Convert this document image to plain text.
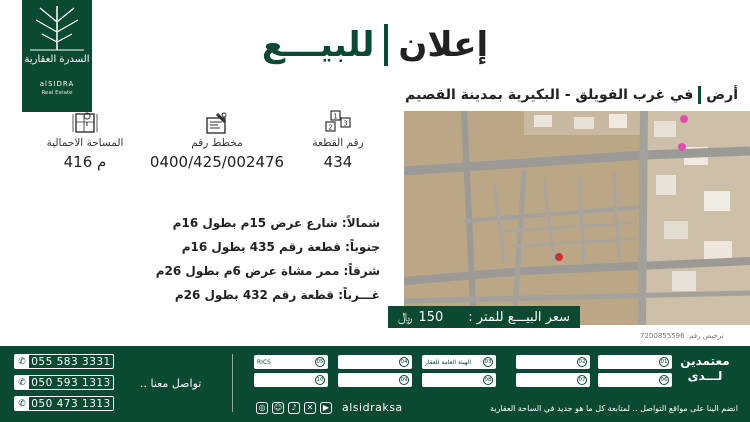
السدرة العقارية
alSIDRA
Real Estate
إعلان
للبيـــع
أرض
في غرب الفويلق - البكيرية بمدينة القصيم
المساحة الاجمالية
416 م
مخطط رقم
0400/425/002476
1
2 3
رقم القطعة
434
شمالاً: شارع عرض 15م بطول 16م
جنوباً: قطعة رقم 435 بطول 16م
شرقاً: ممر مشاة عرض 6م بطول 26م
غـــرباً: قطعة رقم 432 بطول 26م
سعر البيـــع للمتر :
﷼ 150
ترخيص رقم: 7200855596
✆ 055 583 3331
✆ 050 593 1313
✆ 050 473 1313
تواصل معنا ..
01
02
03
الهيئة العامة للعقار
04
05
RICS
06
07
08
09
10
معتمدين لـــدى
◎	☺	♪	✕	▶ alsidraksa	انضم الينا على مواقع التواصل .. لمتابعة كل ما هو جديد في الساحة العقارية
